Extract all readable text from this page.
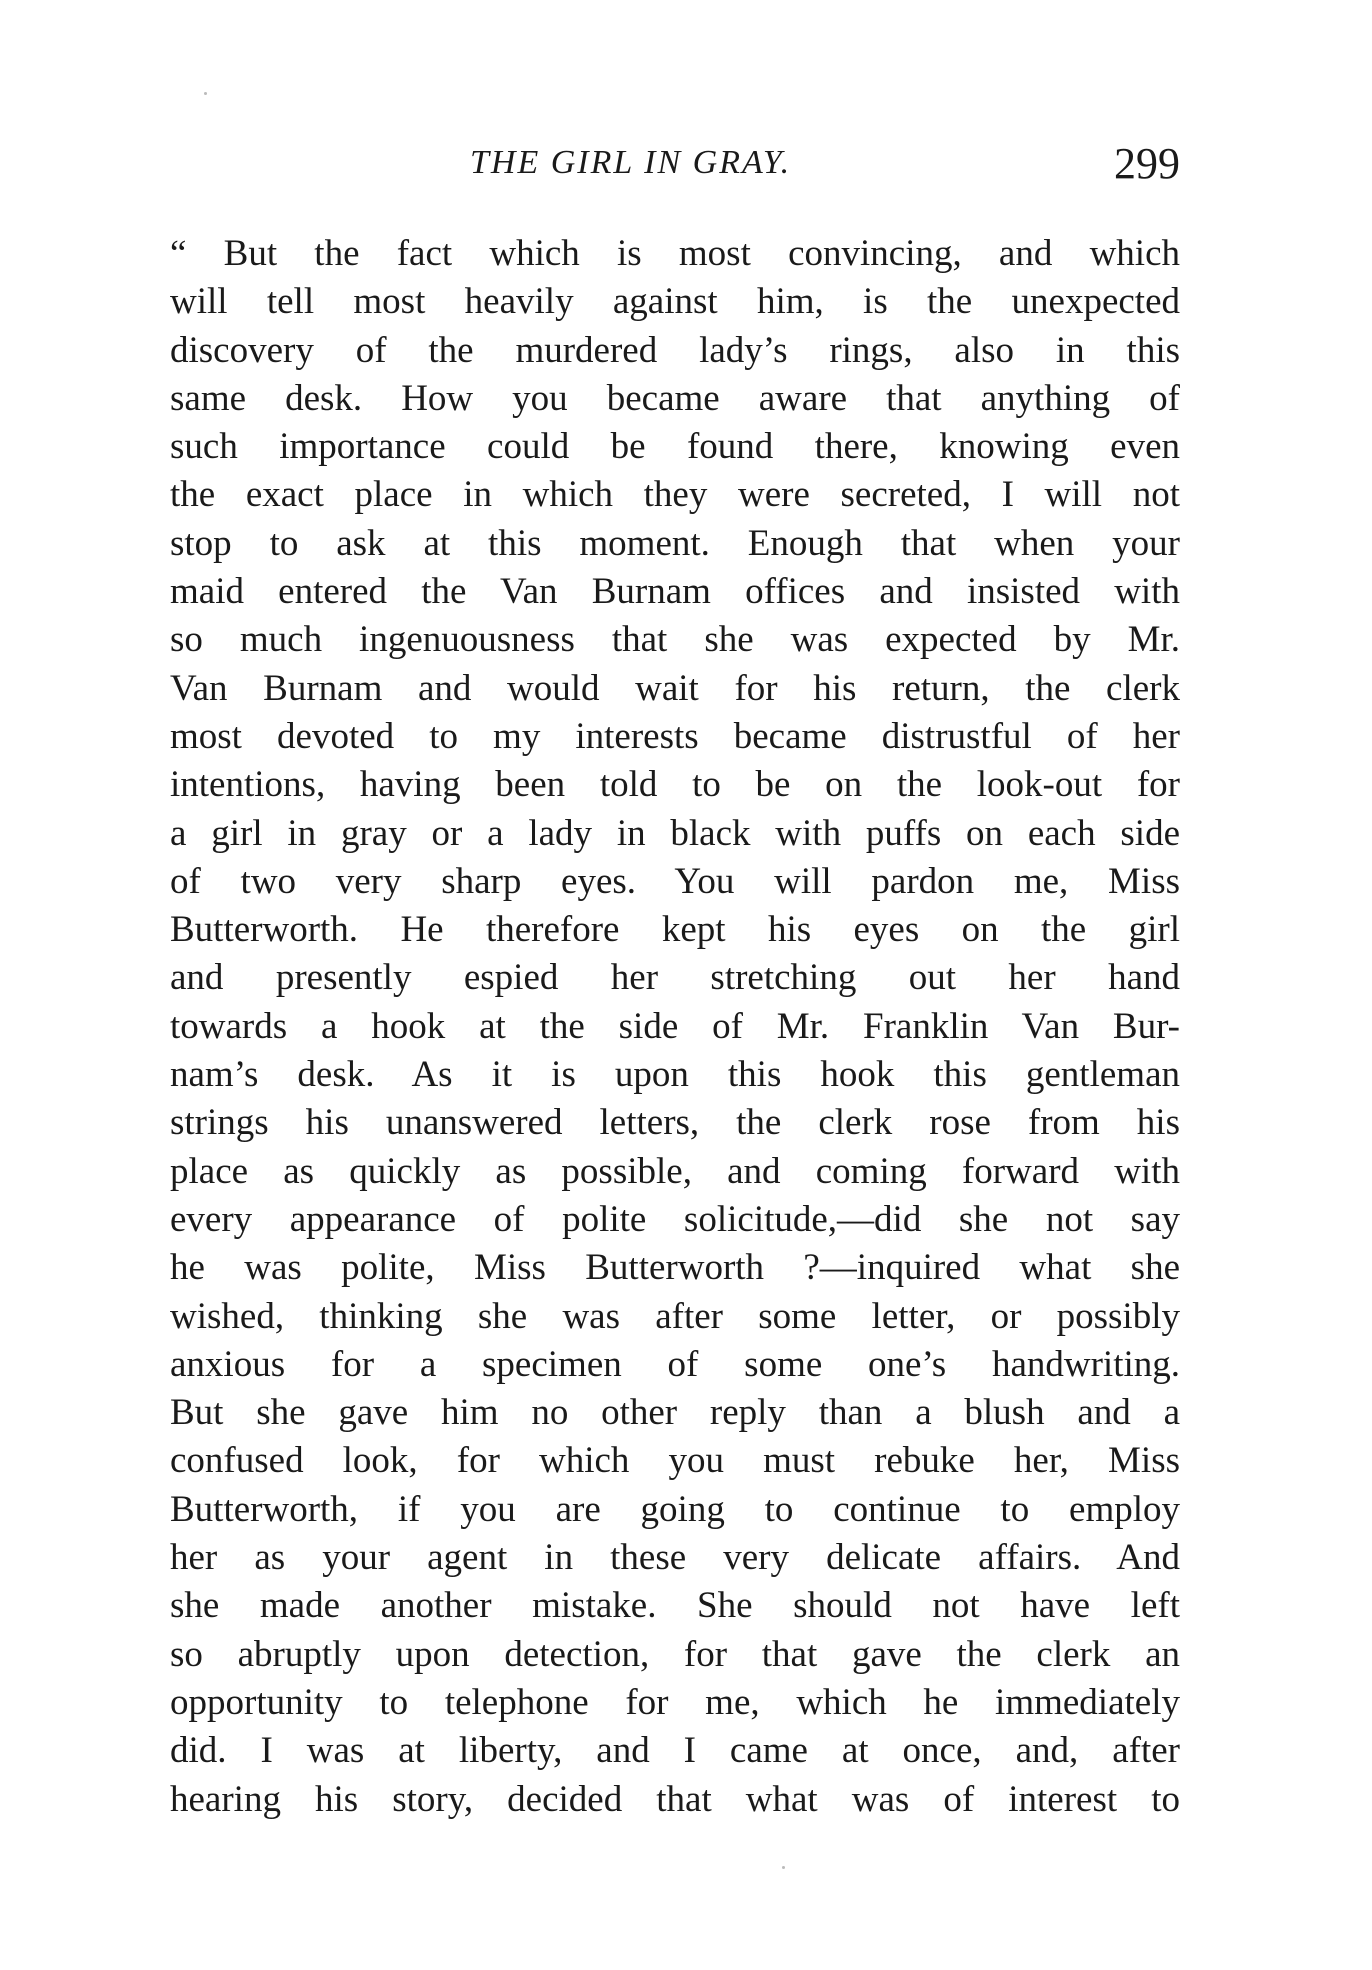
THE GIRL IN GRAY.	299
“ But the fact which is most convincing, and which
will tell most heavily against him, is the unexpected
discovery of the murdered lady’s rings, also in this
same desk. How you became aware that anything of
such importance could be found there, knowing even
the exact place in which they were secreted, I will not
stop to ask at this moment. Enough that when your
maid entered the Van Burnam offices and insisted with
so much ingenuousness that she was expected by Mr.
Van Burnam and would wait for his return, the clerk
most devoted to my interests became distrustful of her
intentions, having been told to be on the look-out for
a girl in gray or a lady in black with puffs on each side
of two very sharp eyes. You will pardon me, Miss
Butterworth. He therefore kept his eyes on the girl
and presently espied her stretching out her hand
towards a hook at the side of Mr. Franklin Van Bur-
nam’s desk. As it is upon this hook this gentleman
strings his unanswered letters, the clerk rose from his
place as quickly as possible, and coming forward with
every appearance of polite solicitude,—did she not say
he was polite, Miss Butterworth ?—inquired what she
wished, thinking she was after some letter, or possibly
anxious for a specimen of some one’s handwriting.
But she gave him no other reply than a blush and a
confused look, for which you must rebuke her, Miss
Butterworth, if you are going to continue to employ
her as your agent in these very delicate affairs. And
she made another mistake. She should not have left
so abruptly upon detection, for that gave the clerk an
opportunity to telephone for me, which he immediately
did. I was at liberty, and I came at once, and, after
hearing his story, decided that what was of interest to
